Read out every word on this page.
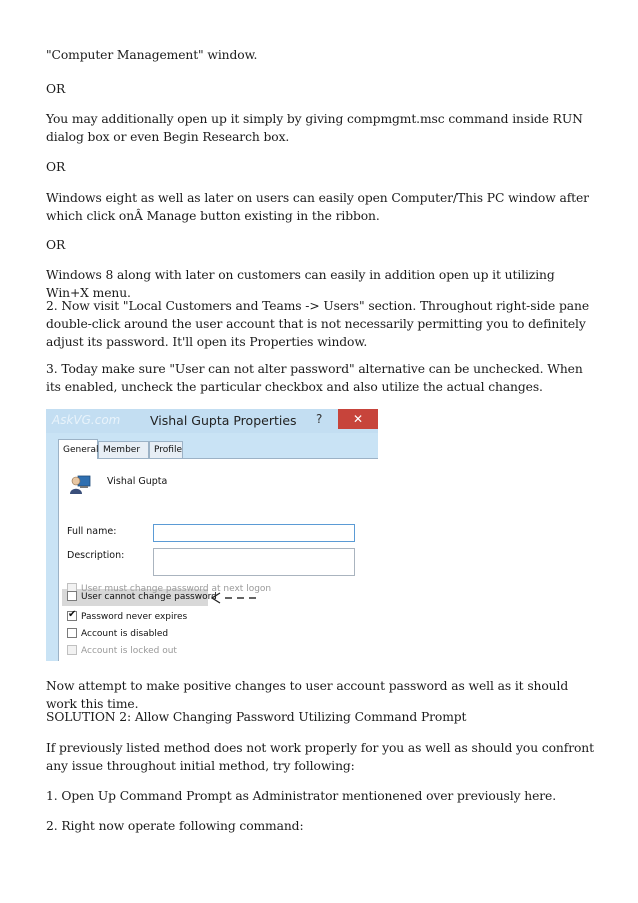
"Computer Management" window.

OR

You may additionally open up it simply by giving compmgmt.msc command inside RUN dialog box or even Begin Research box.

OR

Windows eight as well as later on users can easily open Computer/This PC window after which click onÂ Manage button existing in the ribbon.

OR

Windows 8 along with later on customers can easily in addition open up it utilizing Win+X menu.

2. Now visit "Local Customers and Teams -> Users" section. Throughout right-side pane double-click around the user account that is not necessarily permitting you to definitely adjust its password. It'll open its Properties window.

3. Today make sure "User can not alter password" alternative can be unchecked. When its enabled, uncheck the particular checkbox and also utilize the actual changes.

AskVG.com Vishal Gupta Properties ?	✕
General Member	Profile
Vishal Gupta
Full name:
Description:
User must change password at next logon
User cannot change password
✔ Password never expires
Account is disabled
Account is locked out

Now attempt to make positive changes to user account password as well as it should work this time.

SOLUTION 2: Allow Changing Password Utilizing Command Prompt

If previously listed method does not work properly for you as well as should you confront any issue throughout initial method, try following:

1. Open Up Command Prompt as Administrator mentionened over previously here.

2. Right now operate following command:
